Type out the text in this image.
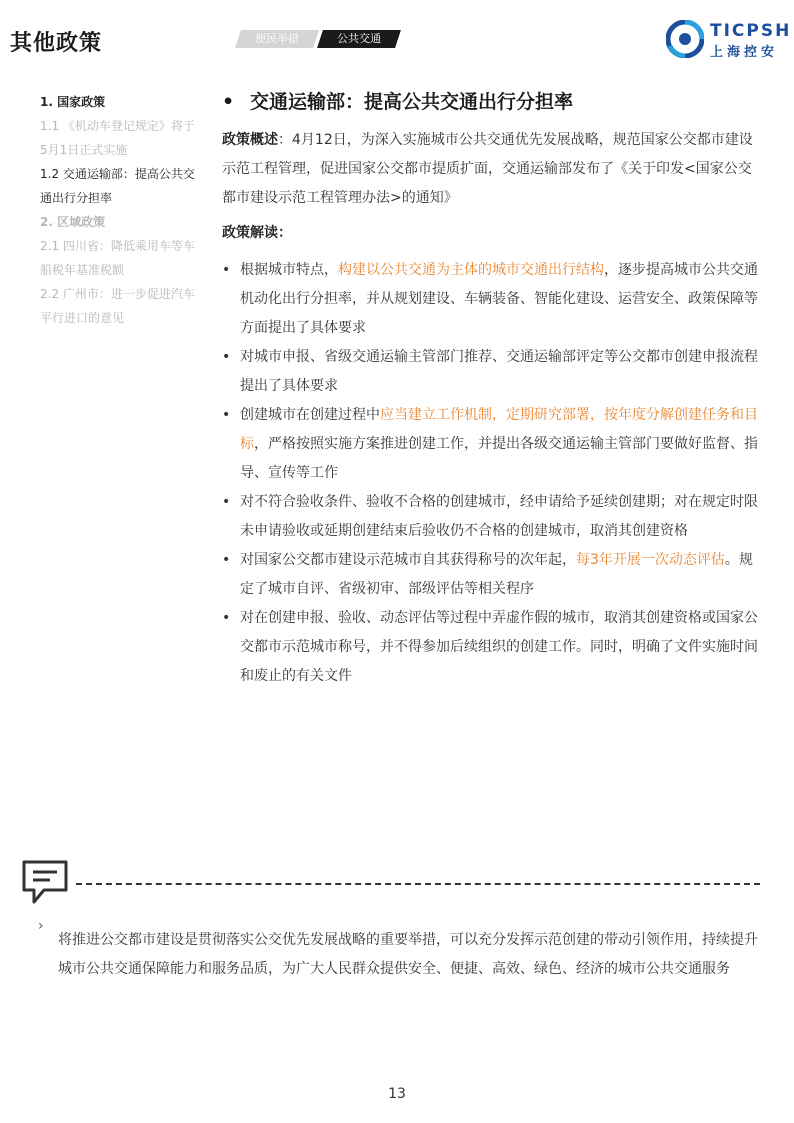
其他政策	便民举措	公共交通	TICPSH
上海控安

1. 国家政策

1.1 《机动车登记规定》将于5月1日正式实施

1.2 交通运输部：提高公共交通出行分担率

2. 区域政策

2.1 四川省：降低乘用车等车船税年基准税额

2.2 广州市：进一步促进汽车平行进口的意见

• 交通运输部：提高公共交通出行分担率

政策概述：4月12日，为深入实施城市公共交通优先发展战略，规范国家公交都市建设示范工程管理，促进国家公交都市提质扩面，交通运输部发布了《关于印发<国家公交都市建设示范工程管理办法>的通知》

政策解读：

• 根据城市特点，构建以公共交通为主体的城市交通出行结构，逐步提高城市公共交通机动化出行分担率，并从规划建设、车辆装备、智能化建设、运营安全、政策保障等方面提出了具体要求
• 对城市申报、省级交通运输主管部门推荐、交通运输部评定等公交都市创建申报流程提出了具体要求
• 创建城市在创建过程中应当建立工作机制，定期研究部署，按年度分解创建任务和目标，严格按照实施方案推进创建工作，并提出各级交通运输主管部门要做好监督、指导、宣传等工作
• 对不符合验收条件、验收不合格的创建城市，经申请给予延续创建期；对在规定时限未申请验收或延期创建结束后验收仍不合格的创建城市，取消其创建资格
• 对国家公交都市建设示范城市自其获得称号的次年起，每3年开展一次动态评估。规定了城市自评、省级初审、部级评估等相关程序
• 对在创建申报、验收、动态评估等过程中弄虚作假的城市，取消其创建资格或国家公交都市示范城市称号，并不得参加后续组织的创建工作。同时，明确了文件实施时间和废止的有关文件
›

将推进公交都市建设是贯彻落实公交优先发展战略的重要举措，可以充分发挥示范创建的带动引领作用，持续提升城市公共交通保障能力和服务品质，为广大人民群众提供安全、便捷、高效、绿色、经济的城市公共交通服务

13
